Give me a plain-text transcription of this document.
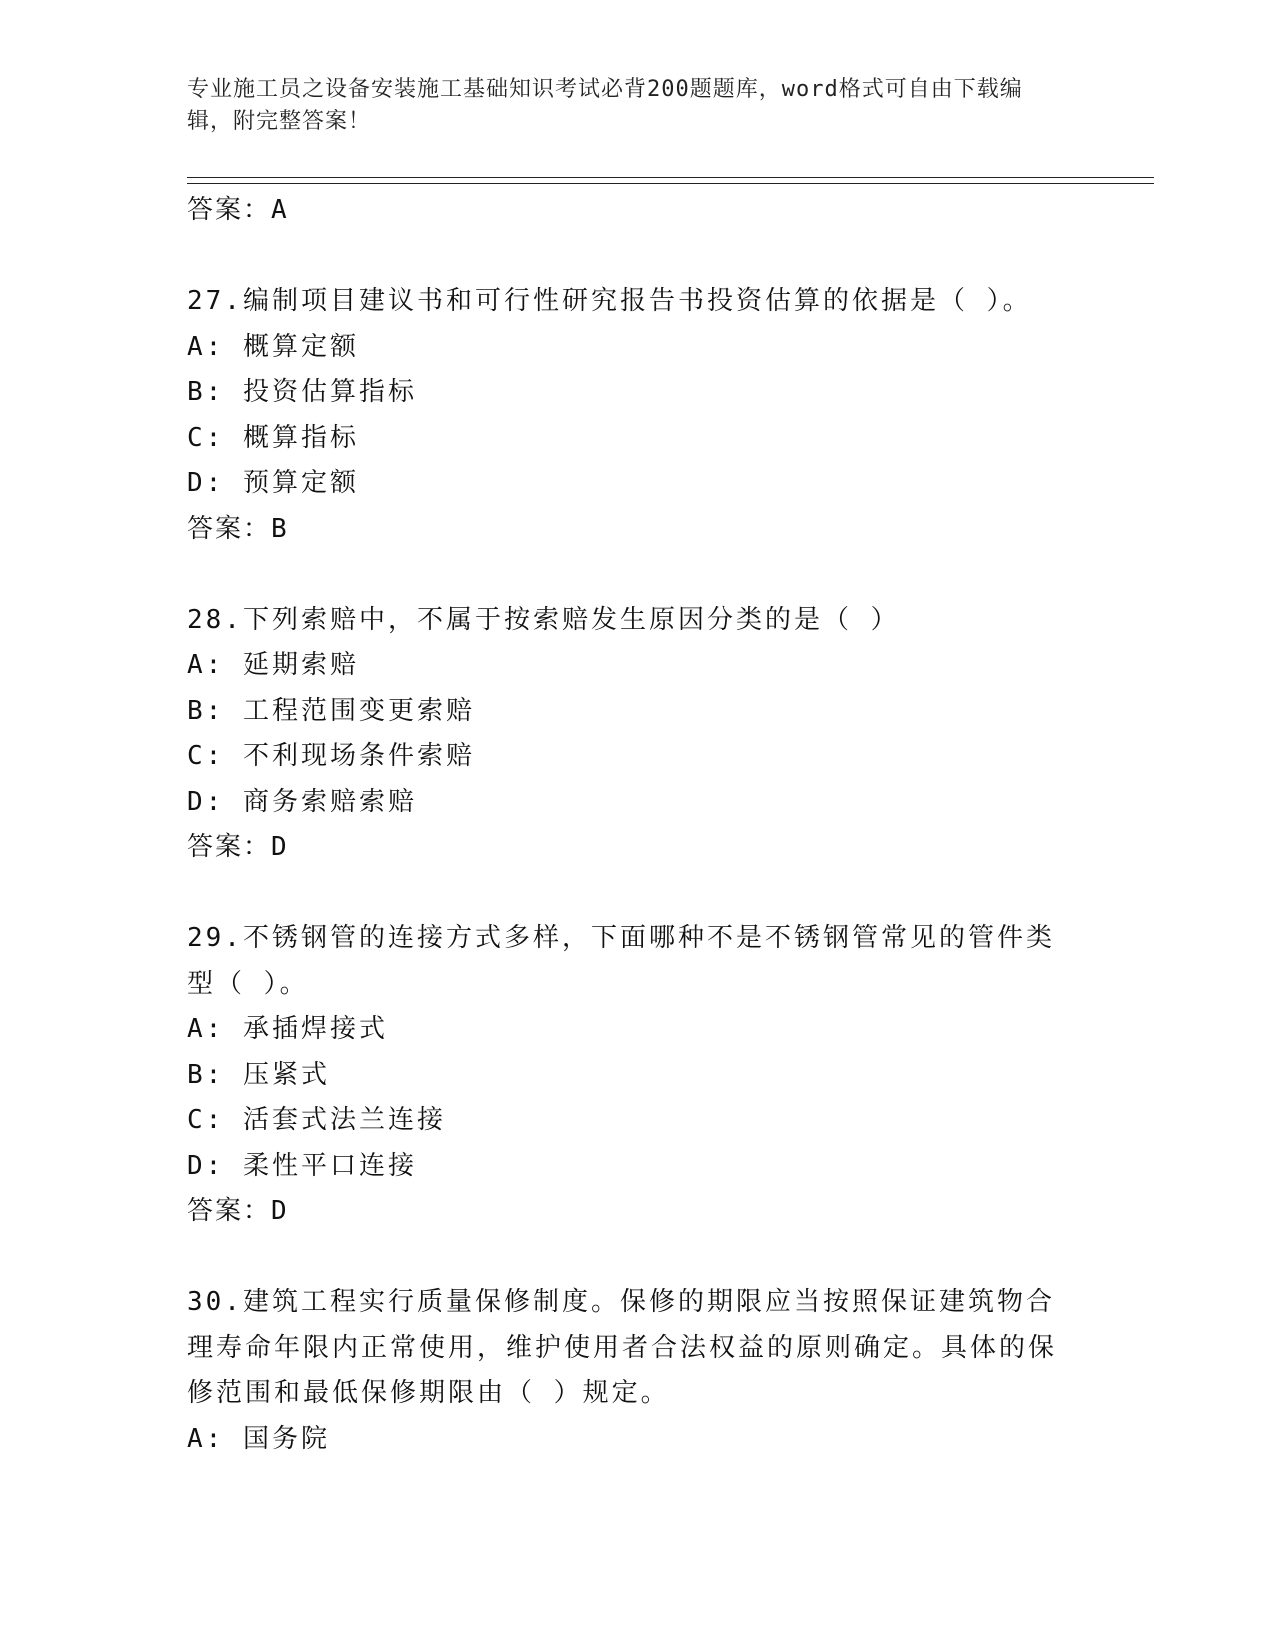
专业施工员之设备安装施工基础知识考试必背200题题库，word格式可自由下载编辑，附完整答案！
答案：A
27.编制项目建议书和可行性研究报告书投资估算的依据是（ ）。
A: 概算定额
B: 投资估算指标
C: 概算指标
D: 预算定额
答案：B
28.下列索赔中，不属于按索赔发生原因分类的是（ ）
A: 延期索赔
B: 工程范围变更索赔
C: 不利现场条件索赔
D: 商务索赔索赔
答案：D
29.不锈钢管的连接方式多样，下面哪种不是不锈钢管常见的管件类型（ ）。
A: 承插焊接式
B: 压紧式
C: 活套式法兰连接
D: 柔性平口连接
答案：D
30.建筑工程实行质量保修制度。保修的期限应当按照保证建筑物合理寿命年限内正常使用，维护使用者合法权益的原则确定。具体的保修范围和最低保修期限由（ ）规定。
A: 国务院
